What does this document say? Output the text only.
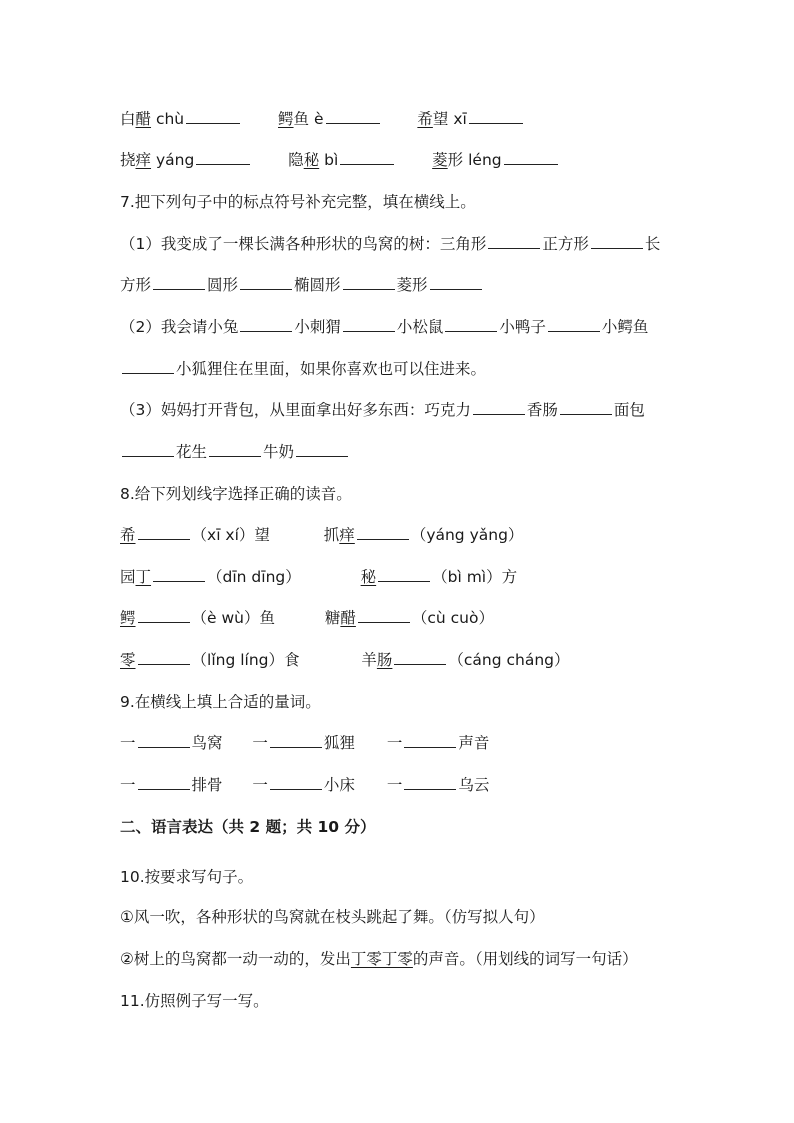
白醋 chù	鳄鱼 è	希望 xī
挠痒 yáng	隐秘 bì	菱形 léng
7.把下列句子中的标点符号补充完整，填在横线上。
（1）我变成了一棵长满各种形状的鸟窝的树：三角形	正方形	长
方形	圆形	椭圆形	菱形
（2）我会请小兔	小刺猬	小松鼠	小鸭子	小鳄鱼
小狐狸住在里面，如果你喜欢也可以住进来。
（3）妈妈打开背包，从里面拿出好多东西：巧克力	香肠	面包
花生	牛奶
8.给下列划线字选择正确的读音。
希	（xī xí）望	抓痒	（yáng yǎng）
园丁	（dīn dīng）	秘	（bì mì）方
鳄	（è wù）鱼	糖醋	（cù cuò）
零	（lǐng líng）食	羊肠	（cáng cháng）
9.在横线上填上合适的量词。
一	鸟窝 一	狐狸 一	声音
一	排骨 一	小床 一	乌云
二、语言表达（共 2 题；共 10 分）
10.按要求写句子。
①风一吹，各种形状的鸟窝就在枝头跳起了舞。（仿写拟人句）
②树上的鸟窝都一动一动的，发出丁零丁零的声音。（用划线的词写一句话）
11.仿照例子写一写。
